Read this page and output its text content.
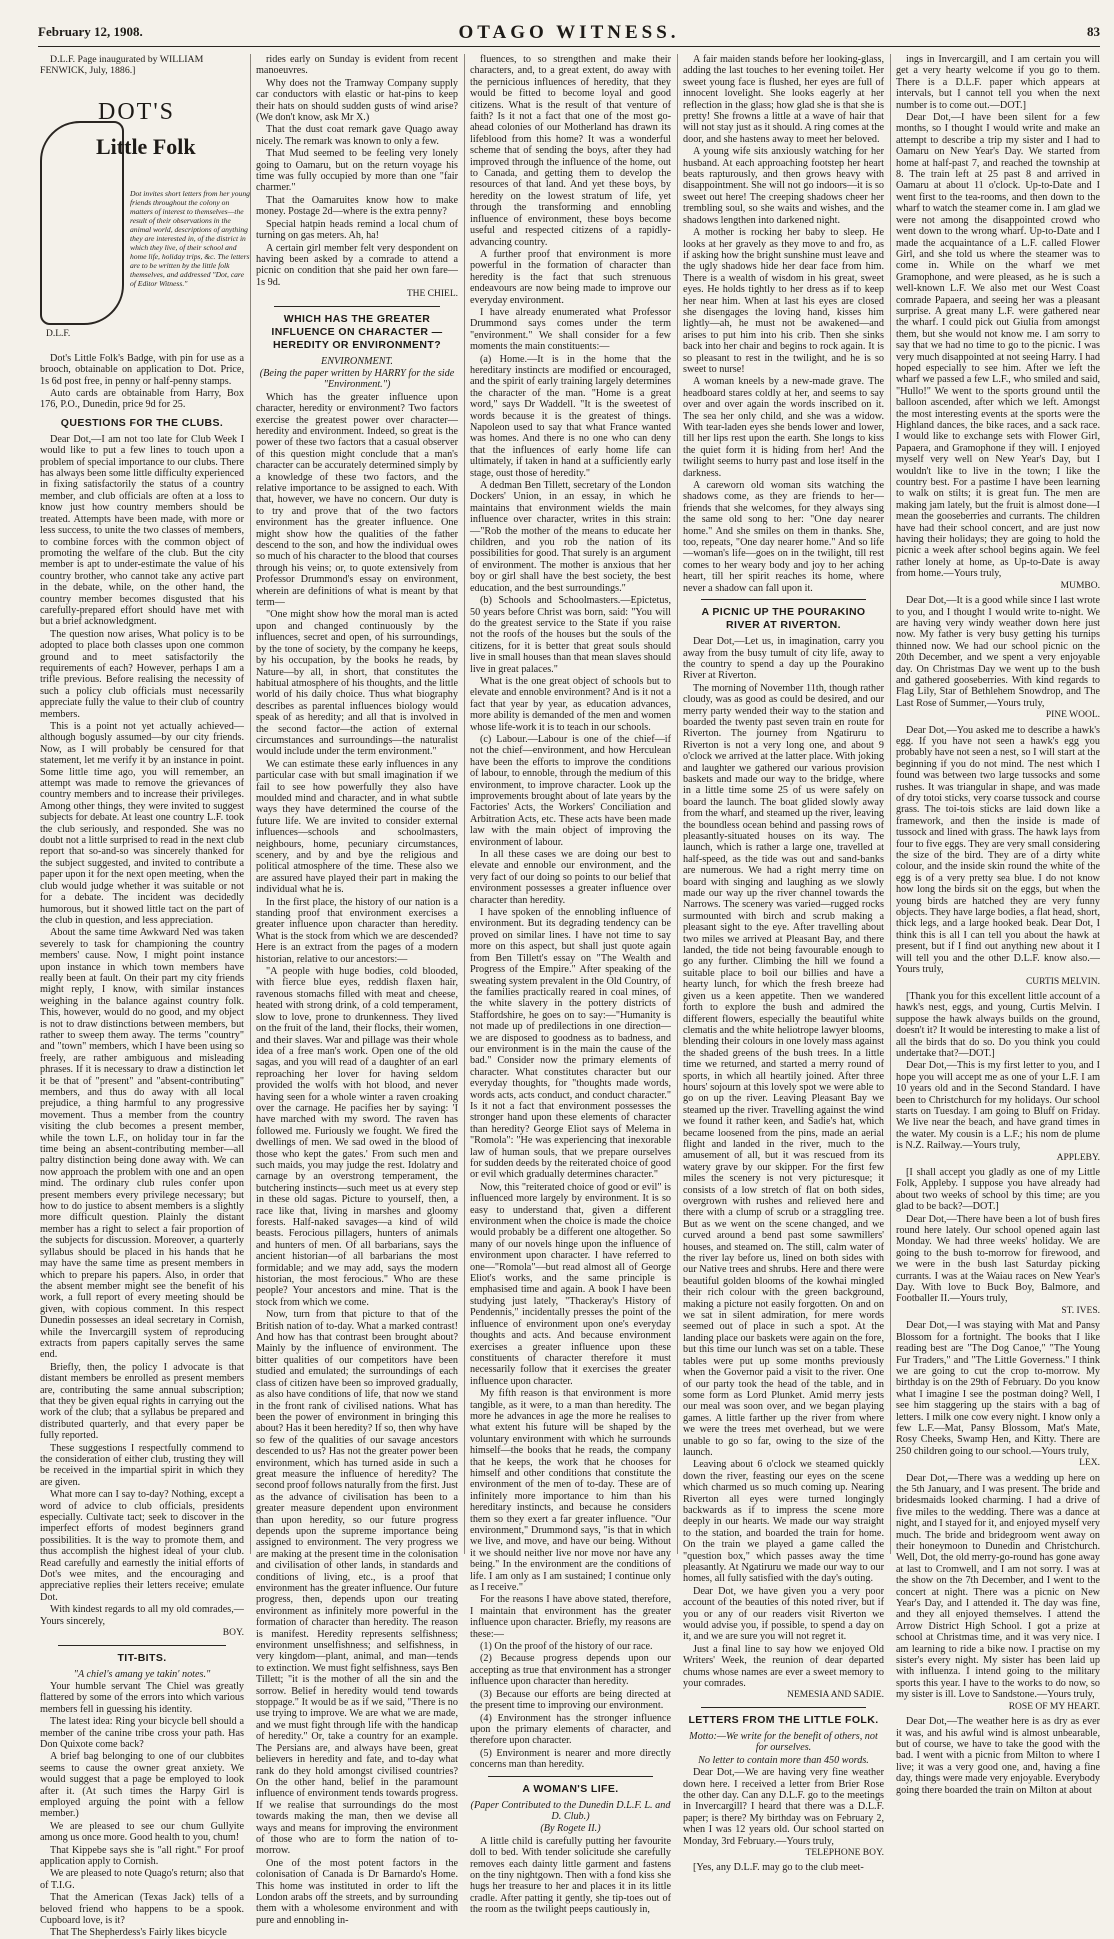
February 12, 1908.	OTAGO WITNESS.	83

D.L.F. Page inaugurated by WILLIAM FENWICK, July, 1886.]

DOT'S
Little Folk
Dot invites short letters from her young friends throughout the colony on matters of interest to themselves—the result of their observations in the animal world, descriptions of anything they are interested in, of the district in which they live, of their school and home life, holiday trips, &c. The letters are to be written by the little folk themselves, and addressed "Dot, care of Editor Witness."
D.L.F.

Dot's Little Folk's Badge, with pin for use as a brooch, obtainable on application to Dot. Price, 1s 6d post free, in penny or half-penny stamps.

Auto cards are obtainable from Harry, Box 176, P.O., Dunedin, price 9d for 25.

QUESTIONS FOR THE CLUBS.

Dear Dot,—I am not too late for Club Week I would like to put a few lines to touch upon a problem of special importance to our clubs. There has always been some little difficulty experienced in fixing satisfactorily the status of a country member, and club officials are often at a loss to know just how country members should be treated. Attempts have been made, with more or less success, to unite the two classes of members, to combine forces with the common object of promoting the welfare of the club. But the city member is apt to under-estimate the value of his country brother, who cannot take any active part in the debate, while, on the other hand, the country member becomes disgusted that his carefully-prepared effort should have met with but a brief acknowledgment.

The question now arises, What policy is to be adopted to place both classes upon one common ground and to meet satisfactorily the requirements of each? However, perhaps I am a trifle previous. Before realising the necessity of such a policy club officials must necessarily appreciate fully the value to their club of country members.

This is a point not yet actually achieved—although bogusly assumed—by our city friends. Now, as I will probably be censured for that statement, let me verify it by an instance in point. Some little time ago, you will remember, an attempt was made to remove the grievances of country members and to increase their privileges. Among other things, they were invited to suggest subjects for debate. At least one country L.F. took the club seriously, and responded. She was no doubt not a little surprised to read in the next club report that so-and-so was sincerely thanked for the subject suggested, and invited to contribute a paper upon it for the next open meeting, when the club would judge whether it was suitable or not for a debate. The incident was decidedly humorous, but it showed little tact on the part of the club in question, and less appreciation.

About the same time Awkward Ned was taken severely to task for championing the country members' cause. Now, I might point instance upon instance in which town members have really been at fault. On their part my city friends might reply, I know, with similar instances weighing in the balance against country folk. This, however, would do no good, and my object is not to draw distinctions between members, but rather to sweep them away. The terms "country" and "town" members, which I have been using so freely, are rather ambiguous and misleading phrases. If it is necessary to draw a distinction let it be that of "present" and "absent-contributing" members, and thus do away with all local prejudice, a thing harmful to any progressive movement. Thus a member from the country visiting the club becomes a present member, while the town L.F., on holiday tour in far the time being an absent-contributing member—all paltry distinction being done away with. We can now approach the problem with one and an open mind. The ordinary club rules confer upon present members every privilege necessary; but how to do justice to absent members is a slightly more difficult question. Plainly the distant member has a right to select a fair proportion of the subjects for discussion. Moreover, a quarterly syllabus should be placed in his hands that he may have the same time as present members in which to prepare his papers. Also, in order that the absent member might see the benefit of his work, a full report of every meeting should be given, with copious comment. In this respect Dunedin possesses an ideal secretary in Cornish, while the Invercargill system of reproducing extracts from papers capitally serves the same end.

Briefly, then, the policy I advocate is that distant members be enrolled as present members are, contributing the same annual subscription; that they be given equal rights in carrying out the work of the club; that a syllabus be prepared and distributed quarterly, and that every paper be fully reported.

These suggestions I respectfully commend to the consideration of either club, trusting they will be received in the impartial spirit in which they are given.

What more can I say to-day? Nothing, except a word of advice to club officials, presidents especially. Cultivate tact; seek to discover in the imperfect efforts of modest beginners grand possibilities. It is the way to promote them, and thus accomplish the highest ideal of your club. Read carefully and earnestly the initial efforts of Dot's wee mites, and the encouraging and appreciative replies their letters receive; emulate Dot.

With kindest regards to all my old comrades,—Yours sincerely,

BOY.

TIT-BITS.

"A chiel's amang ye takin' notes."

Your humble servant The Chiel was greatly flattered by some of the errors into which various members fell in guessing his identity.

The latest idea: Ring your bicycle bell should a member of the canine tribe cross your path. Has Don Quixote come back?

A brief bag belonging to one of our clubbites seems to cause the owner great anxiety. We would suggest that a page be employed to look after it. (At such times the Harpy Girl is employed arguing the point with a fellow member.)

We are pleased to see our chum Gullyite among us once more. Good health to you, chum!

That Kippebe says she is "all right." For proof application apply to Cornish.

We are pleased to note Quago's return; also that of T.I.G.

That the American (Texas Jack) tells of a beloved friend who happens to be a spook. Cupboard love, is it?

That The Shepherdess's Fairly likes bicycle

rides early on Sunday is evident from recent manoeuvres.

Why does not the Tramway Company supply car conductors with elastic or hat-pins to keep their hats on should sudden gusts of wind arise? (We don't know, ask Mr X.)

That the dust coat remark gave Quago away nicely. The remark was known to only a few.

That Mud seemed to be feeling very lonely going to Oamaru, but on the return voyage his time was fully occupied by more than one "fair charmer."

That the Oamaruites know how to make money. Postage 2d—where is the extra penny?

Special hatpin heads remind a local chum of turning on gas meters. Ah, ha!

A certain girl member felt very despondent on having been asked by a comrade to attend a picnic on condition that she paid her own fare—1s 9d.

THE CHIEL.

WHICH HAS THE GREATER INFLUENCE ON CHARACTER — HEREDITY OR ENVIRONMENT?

ENVIRONMENT.

(Being the paper written by HARRY for the side "Environment.")

Which has the greater influence upon character, heredity or environment? Two factors exercise the greatest power over character—heredity and environment. Indeed, so great is the power of these two factors that a casual observer of this question might conclude that a man's character can be accurately determined simply by a knowledge of these two factors, and the relative importance to be assigned to each. With that, however, we have no concern. Our duty is to try and prove that of the two factors environment has the greater influence. One might show how the qualities of the father descend to the son, and how the individual owes so much of his character to the blood that courses through his veins; or, to quote extensively from Professor Drummond's essay on environment, wherein are definitions of what is meant by that term—

"One might show how the moral man is acted upon and changed continuously by the influences, secret and open, of his surroundings, by the tone of society, by the company he keeps, by his occupation, by the books he reads, by Nature—by all, in short, that constitutes the habitual atmosphere of his thoughts, and the little world of his daily choice. Thus what biography describes as parental influences biology would speak of as heredity; and all that is involved in the second factor—the action of external circumstances and surroundings—the naturalist would include under the term environment."

We can estimate these early influences in any particular case with but small imagination if we fail to see how powerfully they also have moulded mind and character, and in what subtle ways they have determined the course of the future life. We are invited to consider external influences—schools and schoolmasters, neighbours, home, pecuniary circumstances, scenery, and by and bye the religious and political atmosphere of the time. These also we are assured have played their part in making the individual what he is.

In the first place, the history of our nation is a standing proof that environment exercises a greater influence upon character than heredity. What is the stock from which we are descended? Here is an extract from the pages of a modern historian, relative to our ancestors:—

"A people with huge bodies, cold blooded, with fierce blue eyes, reddish flaxen hair, ravenous stomachs filled with meat and cheese, heated with strong drink, of a cold temperament, slow to love, prone to drunkenness. They lived on the fruit of the land, their flocks, their women, and their slaves. War and pillage was their whole idea of a free man's work. Open one of the old sagas, and you will read of a daughter of an earl reproaching her lover for having seldom provided the wolfs with hot blood, and never having seen for a whole winter a raven croaking over the carnage. He pacifies her by saying: 'I have marched with my sword. The raven has followed me. Furiously we fought. We fired the dwellings of men. We sad owed in the blood of those who kept the gates.' From such men and such maids, you may judge the rest. Idolatry and carnage by an overstrong temperament, the butchering instincts—such meet us at every step in these old sagas. Picture to yourself, then, a race like that, living in marshes and gloomy forests. Half-naked savages—a kind of wild beasts. Ferocious pillagers, hunters of animals and hunters of men. Of all barbarians, says the ancient historian—of all barbarians the most formidable; and we may add, says the modern historian, the most ferocious." Who are these people? Your ancestors and mine. That is the stock from which we come.

Now, turn from that picture to that of the British nation of to-day. What a marked contrast! And how has that contrast been brought about? Mainly by the influence of environment. The bitter qualities of our competitors have been studied and emulated; the surroundings of each class of citizen have been so improved gradually, as also have conditions of life, that now we stand in the front rank of civilised nations. What has been the power of environment in bringing this about? Has it been heredity? If so, then why have so few of the qualities of our savage ancestors descended to us? Has not the greater power been environment, which has turned aside in such a great measure the influence of heredity? The second proof follows naturally from the first. Just as the advance of civilisation has been to a greater measure dependent upon environment than upon heredity, so our future progress depends upon the supreme importance being assigned to environment. The very progress we are making at the present time in the colonisation and civilisation of other lands, in standards and conditions of living, etc., is a proof that environment has the greater influence. Our future progress, then, depends upon our treating environment as infinitely more powerful in the formation of character than heredity. The reason is manifest. Heredity represents selfishness; environment unselfishness; and selfishness, in very kingdom—plant, animal, and man—tends to extinction. We must fight selfishness, says Ben Tillett; "it is the mother of all the sin and the sorrow. Belief in heredity would tend towards stoppage." It would be as if we said, "There is no use trying to improve. We are what we are made, and we must fight through life with the handicap of heredity." Or, take a country for an example. The Persians are, and always have been, great believers in heredity and fate, and to-day what rank do they hold amongst civilised countries? On the other hand, belief in the paramount influence of environment tends towards progress. If we realise that surroundings do the most towards making the man, then we devise all ways and means for improving the environment of those who are to form the nation of to-morrow.

One of the most potent factors in the colonisation of Canada is Dr Barnardo's Home. This home was instituted in order to lift the London arabs off the streets, and by surrounding them with a wholesome environment and with pure and ennobling in-

fluences, to so strengthen and make their characters, and, to a great extent, do away with the pernicious influences of heredity, that they would be fitted to become loyal and good citizens. What is the result of that venture of faith? Is it not a fact that one of the most go-ahead colonies of our Motherland has drawn its lifeblood from this home? It was a wonderful scheme that of sending the boys, after they had improved through the influence of the home, out to Canada, and getting them to develop the resources of that land. And yet these boys, by heredity on the lowest stratum of life, yet through the transforming and ennobling influence of environment, these boys become useful and respected citizens of a rapidly-advancing country.

A further proof that environment is more powerful in the formation of character than heredity is the fact that such strenuous endeavours are now being made to improve our everyday environment.

I have already enumerated what Professor Drummond says comes under the term "environment." We shall consider for a few moments the main constituents:—

(a) Home.—It is in the home that the hereditary instincts are modified or encouraged, and the spirit of early training largely determines the character of the man. "Home is a great word," says Dr Waddell. "It is the sweetest of words because it is the greatest of things. Napoleon used to say that what France wanted was homes. And there is no one who can deny that the influences of early home life can ultimately, if taken in hand at a sufficiently early stage, oust those of heredity."

A dedman Ben Tillett, secretary of the London Dockers' Union, in an essay, in which he maintains that environment wields the main influence over character, writes in this strain:—"Rob the mother of the means to educate her children, and you rob the nation of its possibilities for good. That surely is an argument of environment. The mother is anxious that her boy or girl shall have the best society, the best education, and the best surroundings."

(b) Schools and Schoolmasters.—Epictetus, 50 years before Christ was born, said: "You will do the greatest service to the State if you raise not the roofs of the houses but the souls of the citizens, for it is better that great souls should live in small houses than that mean slaves should live in great palaces."

What is the one great object of schools but to elevate and ennoble environment? And is it not a fact that year by year, as education advances, more ability is demanded of the men and women whose life-work it is to teach in our schools.

(c) Labour.—Labour is one of the chief—if not the chief—environment, and how Herculean have been the efforts to improve the conditions of labour, to ennoble, through the medium of this environment, to improve character. Look up the improvements brought about of late years by the Factories' Acts, the Workers' Conciliation and Arbitration Acts, etc. These acts have been made law with the main object of improving the environment of labour.

In all these cases we are doing our best to elevate and ennoble our environment, and the very fact of our doing so points to our belief that environment possesses a greater influence over character than heredity.

I have spoken of the ennobling influence of environment. But its degrading tendency can be proved on similar lines. I have not time to say more on this aspect, but shall just quote again from Ben Tillett's essay on "The Wealth and Progress of the Empire." After speaking of the sweating system prevalent in the Old Country, of the families practically reared in coal mines, of the white slavery in the pottery districts of Staffordshire, he goes on to say:—"Humanity is not made up of predilections in one direction—we are disposed to goodness as to badness, and our environment is in the main the cause of the bad." Consider now the primary elements of character. What constitutes character but our everyday thoughts, for "thoughts made words, words acts, acts conduct, and conduct character." Is it not a fact that environment possesses the stronger hand upon these elements of character than heredity? George Eliot says of Melema in "Romola": "He was experiencing that inexorable law of human souls, that we prepare ourselves for sudden deeds by the reiterated choice of good or evil which gradually determines character."

Now, this "reiterated choice of good or evil" is influenced more largely by environment. It is so easy to understand that, given a different environment when the choice is made the choice would probably be a different one altogether. So many of our novels hinge upon the influence of environment upon character. I have referred to one—"Romola"—but read almost all of George Eliot's works, and the same principle is emphasised time and again. A book I have been studying just lately, "Thackeray's History of Pendennis," incidentally presses the point of the influence of environment upon one's everyday thoughts and acts. And because environment exercises a greater influence upon these constituents of character therefore it must necessarily follow that it exercises the greater influence upon character.

My fifth reason is that environment is more tangible, as it were, to a man than heredity. The more he advances in age the more he realises to what extent his future will be shaped by the voluntary environment with which he surrounds himself—the books that he reads, the company that he keeps, the work that he chooses for himself and other conditions that constitute the environment of the men of to-day. These are of infinitely more importance to him than his hereditary instincts, and because he considers them so they exert a far greater influence. "Our environment," Drummond says, "is that in which we live, and move, and have our being. Without it we should neither live nor move nor have any being." In the environment are the conditions of life. I am only as I am sustained; I continue only as I receive."

For the reasons I have above stated, therefore, I maintain that environment has the greater influence upon character. Briefly, my reasons are these:—

(1) On the proof of the history of our race.

(2) Because progress depends upon our accepting as true that environment has a stronger influence upon character than heredity.

(3) Because our efforts are being directed at the present time to improving our environment.

(4) Environment has the stronger influence upon the primary elements of character, and therefore upon character.

(5) Environment is nearer and more directly concerns man than heredity.

A WOMAN'S LIFE.

(Paper Contributed to the Dunedin D.L.F. L. and D. Club.)

(By Rogete II.)

A little child is carefully putting her favourite doll to bed. With tender solicitude she carefully removes each dainty little garment and fastens on the tiny nightgown. Then with a fond kiss she hugs her treasure to her and places it in its little cradle. After patting it gently, she tip-toes out of the room as the twilight peeps cautiously in,

A fair maiden stands before her looking-glass, adding the last touches to her evening toilet. Her sweet young face is flushed, her eyes are full of innocent lovelight. She looks eagerly at her reflection in the glass; how glad she is that she is pretty! She frowns a little at a wave of hair that will not stay just as it should. A ring comes at the door, and she hastens away to meet her beloved.

A young wife sits anxiously watching for her husband. At each approaching footstep her heart beats rapturously, and then grows heavy with disappointment. She will not go indoors—it is so sweet out here! The creeping shadows cheer her trembling soul, so she waits and wishes, and the shadows lengthen into darkened night.

A mother is rocking her baby to sleep. He looks at her gravely as they move to and fro, as if asking how the bright sunshine must leave and the ugly shadows hide her dear face from him. There is a wealth of wisdom in his great, sweet eyes. He holds tightly to her dress as if to keep her near him. When at last his eyes are closed she disengages the loving hand, kisses him lightly—ah, he must not be awakened—and arises to put him into his crib. Then she sinks back into her chair and begins to rock again. It is so pleasant to rest in the twilight, and he is so sweet to nurse!

A woman kneels by a new-made grave. The headboard stares coldly at her, and seems to say over and over again the words inscribed on it. The sea her only child, and she was a widow. With tear-laden eyes she bends lower and lower, till her lips rest upon the earth. She longs to kiss the quiet form it is hiding from her! And the twilight seems to hurry past and lose itself in the darkness.

A careworn old woman sits watching the shadows come, as they are friends to her—friends that she welcomes, for they always sing the same old song to her: "One day nearer home." And she smiles on them in thanks. She, too, repeats, "One day nearer home." And so life—woman's life—goes on in the twilight, till rest comes to her weary body and joy to her aching heart, till her spirit reaches its home, where never a shadow can fall upon it.

A PICNIC UP THE POURAKINO RIVER AT RIVERTON.

Dear Dot,—Let us, in imagination, carry you away from the busy tumult of city life, away to the country to spend a day up the Pourakino River at Riverton.

The morning of November 11th, though rather cloudy, was as good as could be desired, and our merry party wended their way to the station and boarded the twenty past seven train en route for Riverton. The journey from Ngatiruru to Riverton is not a very long one, and about 9 o'clock we arrived at the latter place. With joking and laughter we gathered our various provision baskets and made our way to the bridge, where in a little time some 25 of us were safely on board the launch. The boat glided slowly away from the wharf, and steamed up the river, leaving the boundless ocean behind and passing rows of pleasantly-situated houses on its way. The launch, which is rather a large one, travelled at half-speed, as the tide was out and sand-banks are numerous. We had a right merry time on board with singing and laughing as we slowly made our way up the river channel towards the Narrows. The scenery was varied—rugged rocks surmounted with birch and scrub making a pleasant sight to the eye. After travelling about two miles we arrived at Pleasant Bay, and there landed, the tide not being favourable enough to go any further. Climbing the hill we found a suitable place to boil our billies and have a hearty lunch, for which the fresh breeze had given us a keen appetite. Then we wandered forth to explore the bush and admired the different flowers, especially the beautiful white clematis and the white heliotrope lawyer blooms, blending their colours in one lovely mass against the shaded greens of the bush trees. In a little time we returned, and started a merry round of sports, in which all heartily joined. After three hours' sojourn at this lovely spot we were able to go on up the river. Leaving Pleasant Bay we steamed up the river. Travelling against the wind we found it rather keen, and Sadie's hat, which became loosened from the pins, made an aerial flight and landed in the river, much to the amusement of all, but it was rescued from its watery grave by our skipper. For the first few miles the scenery is not very picturesque; it consists of a low stretch of flat on both sides, overgrown with rushes and relieved here and there with a clump of scrub or a straggling tree. But as we went on the scene changed, and we curved around a bend past some sawmillers' houses, and steamed on. The still, calm water of the river lay before us, lined on both sides with our Native trees and shrubs. Here and there were beautiful golden blooms of the kowhai mingled their rich colour with the green background, making a picture not easily forgotten. On and on we sat in silent admiration, for mere words seemed out of place in such a spot. At the landing place our baskets were again on the fore, but this time our lunch was set on a table. These tables were put up some months previously when the Governor paid a visit to the river. One of our party took the head of the table, and in some form as Lord Plunket. Amid merry jests our meal was soon over, and we began playing games. A little farther up the river from where we were the trees met overhead, but we were unable to go so far, owing to the size of the launch.

Leaving about 6 o'clock we steamed quickly down the river, feasting our eyes on the scene which charmed us so much coming up. Nearing Riverton all eyes were turned longingly backwards as if to impress the scene more deeply in our hearts. We made our way straight to the station, and boarded the train for home. On the train we played a game called the "question box," which passes away the time pleasantly. At Ngatiruru we made our way to our homes, all fully satisfied with the day's outing.

Dear Dot, we have given you a very poor account of the beauties of this noted river, but if you or any of our readers visit Riverton we would advise you, if possible, to spend a day on it, and we are sure you will not regret it.

Just a final line to say how we enjoyed Old Writers' Week, the reunion of dear departed chums whose names are ever a sweet memory to your comrades.

NEMESIA AND SADIE.

LETTERS FROM THE LITTLE FOLK.

Motto:—We write for the benefit of others, not for ourselves.

No letter to contain more than 450 words.

Dear Dot,—We are having very fine weather down here. I received a letter from Brier Rose the other day. Can any D.L.F. go to the meetings in Invercargill? I heard that there was a D.L.F. paper; is there? My birthday was on February 2, when I was 12 years old. Our school started on Monday, 3rd February.—Yours truly,

TELEPHONE BOY.

[Yes, any D.L.F. may go to the club meet-

ings in Invercargill, and I am certain you will get a very hearty welcome if you go to them. There is a D.L.F. paper which appears at intervals, but I cannot tell you when the next number is to come out.—DOT.]

Dear Dot,—I have been silent for a few months, so I thought I would write and make an attempt to describe a trip my sister and I had to Oamaru on New Year's Day. We started from home at half-past 7, and reached the township at 8. The train left at 25 past 8 and arrived in Oamaru at about 11 o'clock. Up-to-Date and I went first to the tea-rooms, and then down to the wharf to watch the steamer come in. I am glad we were not among the disappointed crowd who went down to the wrong wharf. Up-to-Date and I made the acquaintance of a L.F. called Flower Girl, and she told us where the steamer was to come in. While on the wharf we met Gramophone, and were pleased, as he is such a well-known L.F. We also met our West Coast comrade Papaera, and seeing her was a pleasant surprise. A great many L.F. were gathered near the wharf. I could pick out Giulia from amongst them, but she would not know me. I am sorry to say that we had no time to go to the picnic. I was very much disappointed at not seeing Harry. I had hoped especially to see him. After we left the wharf we passed a few L.F., who smiled and said, "Hullo!" We went to the sports ground until the balloon ascended, after which we left. Amongst the most interesting events at the sports were the Highland dances, the bike races, and a sack race. I would like to exchange sets with Flower Girl, Papaera, and Gramophone if they will. I enjoyed myself very well on New Year's Day, but I wouldn't like to live in the town; I like the country best. For a pastime I have been learning to walk on stilts; it is great fun. The men are making jam lately, but the fruit is almost done—I mean the gooseberries and currants. The children have had their school concert, and are just now having their holidays; they are going to hold the picnic a week after school begins again. We feel rather lonely at home, as Up-to-Date is away from home.—Yours truly,

MUMBO.

Dear Dot,—It is a good while since I last wrote to you, and I thought I would write to-night. We are having very windy weather down here just now. My father is very busy getting his turnips thinned now. We had our school picnic on the 20th December, and we spent a very enjoyable day. On Christmas Day we went up to the bush and gathered gooseberries. With kind regards to Flag Lily, Star of Bethlehem Snowdrop, and The Last Rose of Summer,—Yours truly,

PINE WOOL.

Dear Dot,—You asked me to describe a hawk's egg. If you have not seen a hawk's egg you probably have not seen a nest, so I will start at the beginning if you do not mind. The nest which I found was between two large tussocks and some rushes. It was triangular in shape, and was made of dry totoi sticks, very coarse tussock and course grass. The toi-tois sticks are laid down like a framework, and then the inside is made of tussock and lined with grass. The hawk lays from four to five eggs. They are very small considering the size of the bird. They are of a dirty white colour, and the inside skin round the white of the egg is of a very pretty sea blue. I do not know how long the birds sit on the eggs, but when the young birds are hatched they are very funny objects. They have large bodies, a flat head, short, thick legs, and a large hooked beak. Dear Dot, I think this is all I can tell you about the hawk at present, but if I find out anything new about it I will tell you and the other D.L.F. know also.—Yours truly,

CURTIS MELVIN.

[Thank you for this excellent little account of a hawk's nest, eggs, and young, Curtis Melvin. I suppose the hawk always builds on the ground, doesn't it? It would be interesting to make a list of all the birds that do so. Do you think you could undertake that?—DOT.]

Dear Dot,—This is my first letter to you, and I hope you will accept me as one of your L.F. I am 10 years old and in the Second Standard. I have been to Christchurch for my holidays. Our school starts on Tuesday. I am going to Bluff on Friday. We live near the beach, and have grand times in the water. My cousin is a L.F.; his nom de plume is N.Z. Railway.—Yours truly,

APPLEBY.

[I shall accept you gladly as one of my Little Folk, Appleby. I suppose you have already had about two weeks of school by this time; are you glad to be back?—DOT.]

Dear Dot,—There have been a lot of bush fires round here lately. Our school opened again last Monday. We had three weeks' holiday. We are going to the bush to-morrow for firewood, and we were in the bush last Saturday picking currants. I was at the Waiau races on New Year's Day. With love to Buck Boy, Balmore, and Footballer II.—Yours truly,

ST. IVES.

Dear Dot,—I was staying with Mat and Pansy Blossom for a fortnight. The books that I like reading best are "The Dog Canoe," "The Young Fur Traders," and "The Little Governess." I think we are going to cut the crop to-morrow. My birthday is on the 29th of February. Do you know what I imagine I see the postman doing? Well, I see him staggering up the stairs with a bag of letters. I milk one cow every night. I know only a few L.F.—Mat, Pansy Blossom, Mat's Mate, Rosy Cheeks, Swamp Hen, and Kitty. There are 250 children going to our school.—Yours truly,

LEX.

Dear Dot,—There was a wedding up here on the 5th January, and I was present. The bride and bridesmaids looked charming. I had a drive of five miles to the wedding. There was a dance at night, and I stayed for it, and enjoyed myself very much. The bride and bridegroom went away on their honeymoon to Dunedin and Christchurch. Well, Dot, the old merry-go-round has gone away at last to Cromwell, and I am not sorry. I was at the show on the 7th December, and I went to the concert at night. There was a picnic on New Year's Day, and I attended it. The day was fine, and they all enjoyed themselves. I attend the Arrow District High School. I got a prize at school at Christmas time, and it was very nice. I am learning to ride a bike now. I practise on my sister's every night. My sister has been laid up with influenza. I intend going to the military sports this year. I have to the works to do now, so my sister is ill. Love to Sandstone.—Yours truly,

ROSE OF MY HEART.

Dear Dot,—The weather here is as dry as ever it was, and his awful wind is almost unbearable, but of course, we have to take the good with the bad. I went with a picnic from Milton to where I live; it was a very good one, and, having a fine day, things were made very enjoyable. Everybody going there boarded the train on Milton at about
